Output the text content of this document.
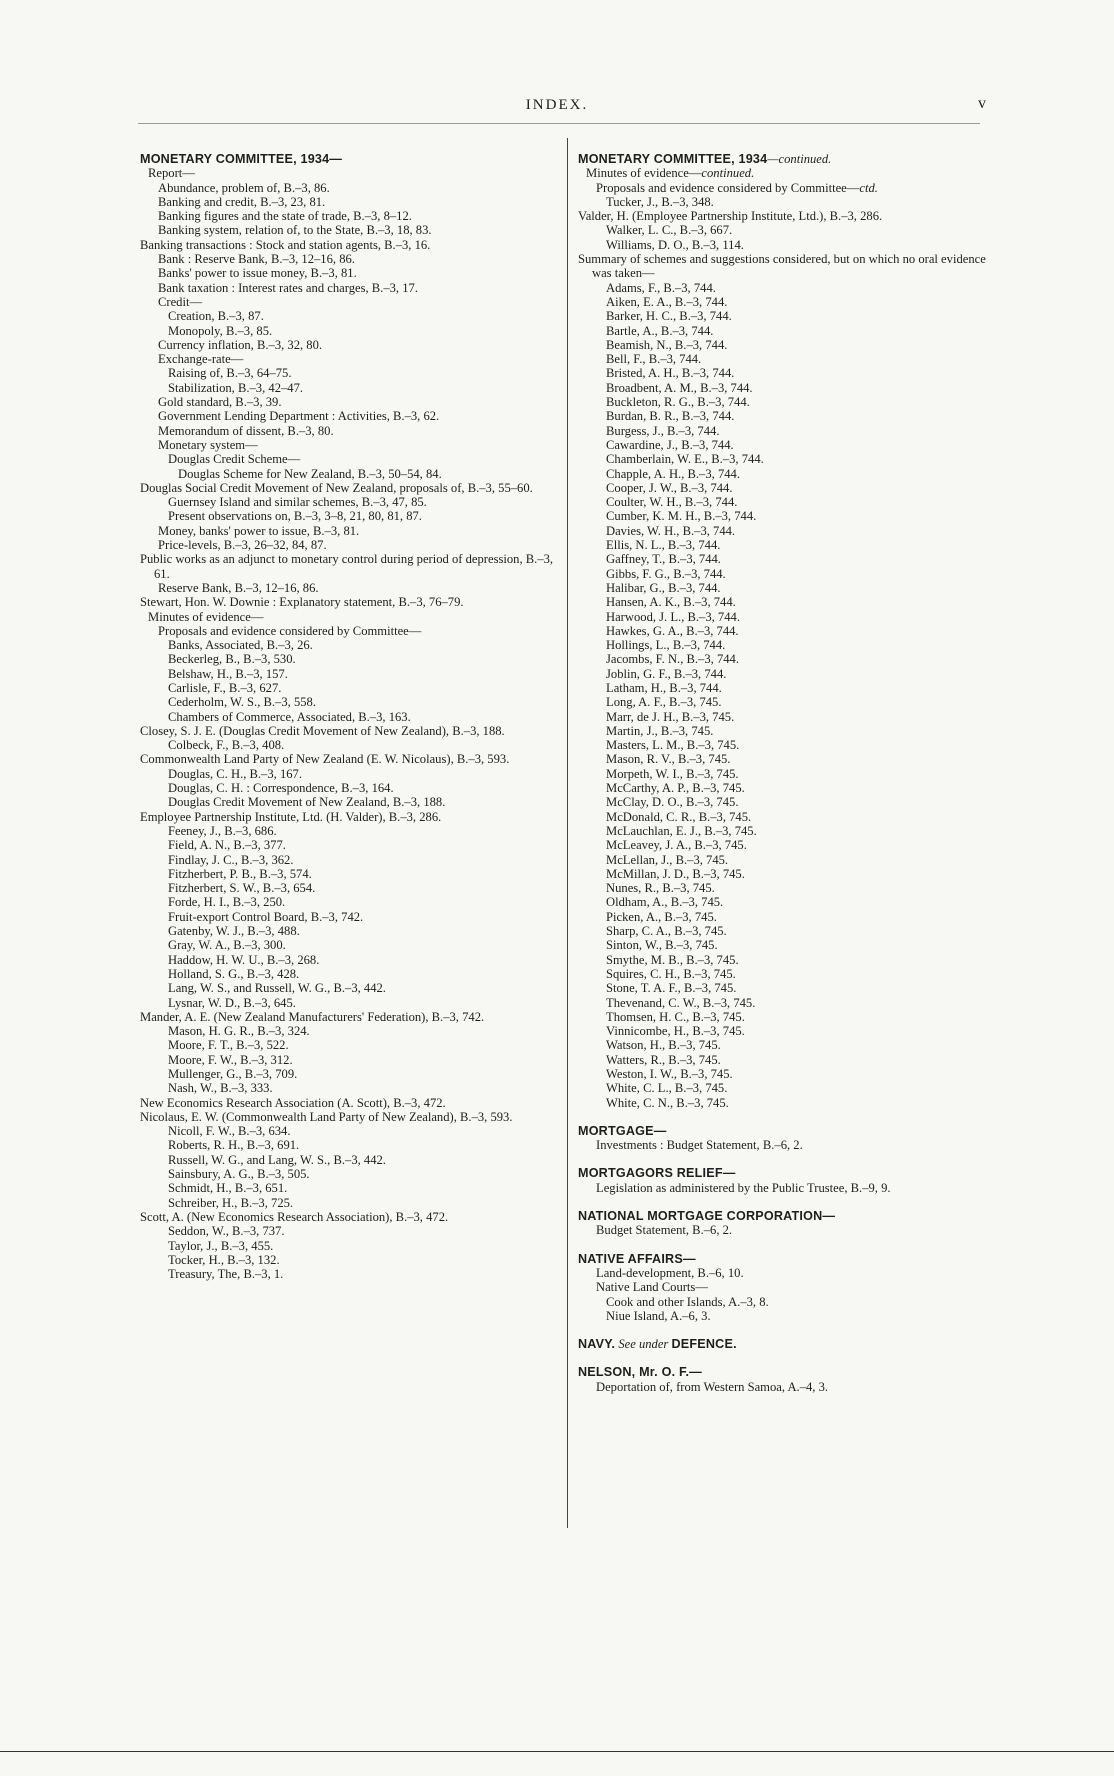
INDEX.	v
MONETARY COMMITTEE, 1934—
Report—
Abundance, problem of, B.–3, 86.
Banking and credit, B.–3, 23, 81.
Banking figures and the state of trade, B.–3, 8–12.
Banking system, relation of, to the State, B.–3, 18, 83.
Banking transactions : Stock and station agents, B.–3, 16.
Bank : Reserve Bank, B.–3, 12–16, 86.
Banks' power to issue money, B.–3, 81.
Bank taxation : Interest rates and charges, B.–3, 17.
Credit—
Creation, B.–3, 87.
Monopoly, B.–3, 85.
Currency inflation, B.–3, 32, 80.
Exchange-rate—
Raising of, B.–3, 64–75.
Stabilization, B.–3, 42–47.
Gold standard, B.–3, 39.
Government Lending Department : Activities, B.–3, 62.
Memorandum of dissent, B.–3, 80.
Monetary system—
Douglas Credit Scheme—
Douglas Scheme for New Zealand, B.–3, 50–54, 84.
Douglas Social Credit Movement of New Zealand, proposals of, B.–3, 55–60.
Guernsey Island and similar schemes, B.–3, 47, 85.
Present observations on, B.–3, 3–8, 21, 80, 81, 87.
Money, banks' power to issue, B.–3, 81.
Price-levels, B.–3, 26–32, 84, 87.
Public works as an adjunct to monetary control during period of depression, B.–3, 61.
Reserve Bank, B.–3, 12–16, 86.
Stewart, Hon. W. Downie : Explanatory statement, B.–3, 76–79.
Minutes of evidence—
Proposals and evidence considered by Committee—
Banks, Associated, B.–3, 26.
Beckerleg, B., B.–3, 530.
Belshaw, H., B.–3, 157.
Carlisle, F., B.–3, 627.
Cederholm, W. S., B.–3, 558.
Chambers of Commerce, Associated, B.–3, 163.
Closey, S. J. E. (Douglas Credit Movement of New Zealand), B.–3, 188.
Colbeck, F., B.–3, 408.
Commonwealth Land Party of New Zealand (E. W. Nicolaus), B.–3, 593.
Douglas, C. H., B.–3, 167.
Douglas, C. H. : Correspondence, B.–3, 164.
Douglas Credit Movement of New Zealand, B.–3, 188.
Employee Partnership Institute, Ltd. (H. Valder), B.–3, 286.
Feeney, J., B.–3, 686.
Field, A. N., B.–3, 377.
Findlay, J. C., B.–3, 362.
Fitzherbert, P. B., B.–3, 574.
Fitzherbert, S. W., B.–3, 654.
Forde, H. I., B.–3, 250.
Fruit-export Control Board, B.–3, 742.
Gatenby, W. J., B.–3, 488.
Gray, W. A., B.–3, 300.
Haddow, H. W. U., B.–3, 268.
Holland, S. G., B.–3, 428.
Lang, W. S., and Russell, W. G., B.–3, 442.
Lysnar, W. D., B.–3, 645.
Mander, A. E. (New Zealand Manufacturers' Federation), B.–3, 742.
Mason, H. G. R., B.–3, 324.
Moore, F. T., B.–3, 522.
Moore, F. W., B.–3, 312.
Mullenger, G., B.–3, 709.
Nash, W., B.–3, 333.
New Economics Research Association (A. Scott), B.–3, 472.
Nicolaus, E. W. (Commonwealth Land Party of New Zealand), B.–3, 593.
Nicoll, F. W., B.–3, 634.
Roberts, R. H., B.–3, 691.
Russell, W. G., and Lang, W. S., B.–3, 442.
Sainsbury, A. G., B.–3, 505.
Schmidt, H., B.–3, 651.
Schreiber, H., B.–3, 725.
Scott, A. (New Economics Research Association), B.–3, 472.
Seddon, W., B.–3, 737.
Taylor, J., B.–3, 455.
Tocker, H., B.–3, 132.
Treasury, The, B.–3, 1.
MONETARY COMMITTEE, 1934—continued.
Minutes of evidence—continued.
Proposals and evidence considered by Committee—ctd.
Tucker, J., B.–3, 348.
Valder, H. (Employee Partnership Institute, Ltd.), B.–3, 286.
Walker, L. C., B.–3, 667.
Williams, D. O., B.–3, 114.
Summary of schemes and suggestions considered, but on which no oral evidence was taken—
Adams, F., B.–3, 744.
Aiken, E. A., B.–3, 744.
Barker, H. C., B.–3, 744.
Bartle, A., B.–3, 744.
Beamish, N., B.–3, 744.
Bell, F., B.–3, 744.
Bristed, A. H., B.–3, 744.
Broadbent, A. M., B.–3, 744.
Buckleton, R. G., B.–3, 744.
Burdan, B. R., B.–3, 744.
Burgess, J., B.–3, 744.
Cawardine, J., B.–3, 744.
Chamberlain, W. E., B.–3, 744.
Chapple, A. H., B.–3, 744.
Cooper, J. W., B.–3, 744.
Coulter, W. H., B.–3, 744.
Cumber, K. M. H., B.–3, 744.
Davies, W. H., B.–3, 744.
Ellis, N. L., B.–3, 744.
Gaffney, T., B.–3, 744.
Gibbs, F. G., B.–3, 744.
Halibar, G., B.–3, 744.
Hansen, A. K., B.–3, 744.
Harwood, J. L., B.–3, 744.
Hawkes, G. A., B.–3, 744.
Hollings, L., B.–3, 744.
Jacombs, F. N., B.–3, 744.
Joblin, G. F., B.–3, 744.
Latham, H., B.–3, 744.
Long, A. F., B.–3, 745.
Marr, de J. H., B.–3, 745.
Martin, J., B.–3, 745.
Masters, L. M., B.–3, 745.
Mason, R. V., B.–3, 745.
Morpeth, W. I., B.–3, 745.
McCarthy, A. P., B.–3, 745.
McClay, D. O., B.–3, 745.
McDonald, C. R., B.–3, 745.
McLauchlan, E. J., B.–3, 745.
McLeavey, J. A., B.–3, 745.
McLellan, J., B.–3, 745.
McMillan, J. D., B.–3, 745.
Nunes, R., B.–3, 745.
Oldham, A., B.–3, 745.
Picken, A., B.–3, 745.
Sharp, C. A., B.–3, 745.
Sinton, W., B.–3, 745.
Smythe, M. B., B.–3, 745.
Squires, C. H., B.–3, 745.
Stone, T. A. F., B.–3, 745.
Thevenand, C. W., B.–3, 745.
Thomsen, H. C., B.–3, 745.
Vinnicombe, H., B.–3, 745.
Watson, H., B.–3, 745.
Watters, R., B.–3, 745.
Weston, I. W., B.–3, 745.
White, C. L., B.–3, 745.
White, C. N., B.–3, 745.
MORTGAGE—
Investments : Budget Statement, B.–6, 2.
MORTGAGORS RELIEF—
Legislation as administered by the Public Trustee, B.–9, 9.
NATIONAL MORTGAGE CORPORATION—
Budget Statement, B.–6, 2.
NATIVE AFFAIRS—
Land-development, B.–6, 10.
Native Land Courts—
Cook and other Islands, A.–3, 8.
Niue Island, A.–6, 3.
NAVY. See under DEFENCE.
NELSON, Mr. O. F.—
Deportation of, from Western Samoa, A.–4, 3.
